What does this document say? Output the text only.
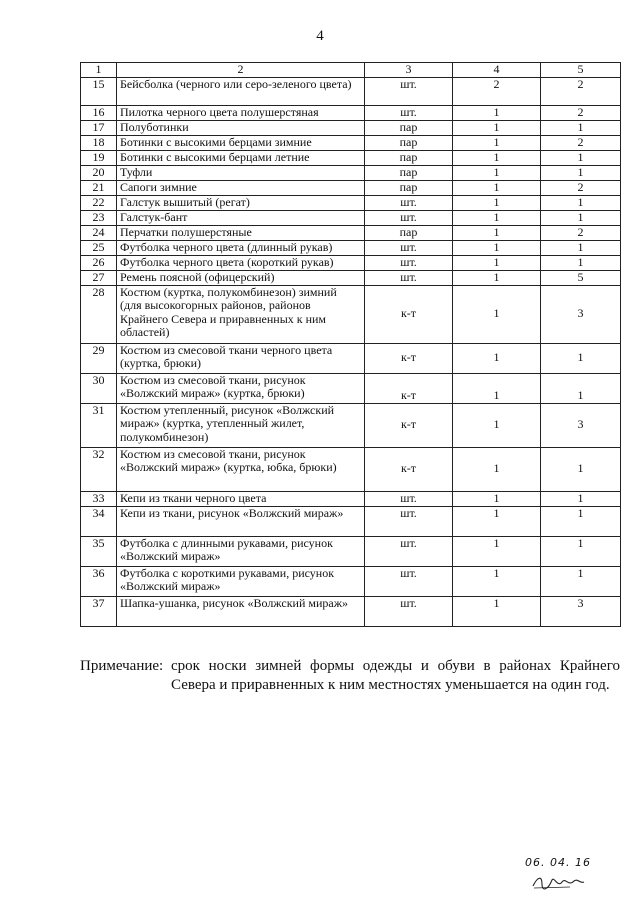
4
1	2	3	4	5
15	Бейсболка (черного или серо-зеленого цвета)	шт.	2	2
16	Пилотка черного цвета полушерстяная	шт.	1	2
17	Полуботинки	пар	1	1
18	Ботинки с высокими берцами зимние	пар	1	2
19	Ботинки с высокими берцами летние	пар	1	1
20	Туфли	пар	1	1
21	Сапоги зимние	пар	1	2
22	Галстук вышитый (регат)	шт.	1	1
23	Галстук-бант	шт.	1	1
24	Перчатки полушерстяные	пар	1	2
25	Футболка черного цвета (длинный рукав)	шт.	1	1
26	Футболка черного цвета (короткий рукав)	шт.	1	1
27	Ремень поясной (офицерский)	шт.	1	5
28	Костюм (куртка, полукомбинезон) зимний (для высокогорных районов, районов Крайнего Севера и приравненных к ним областей)	к-т	1	3
29	Костюм из смесовой ткани черного цвета (куртка, брюки)	к-т	1	1
30	Костюм из смесовой ткани, рисунок «Волжский мираж» (куртка, брюки)	к-т	1	1
31	Костюм утепленный, рисунок «Волжский мираж» (куртка, утепленный жилет, полукомбинезон)	к-т	1	3
32	Костюм из смесовой ткани, рисунок «Волжский мираж» (куртка, юбка, брюки)	к-т	1	1
33	Кепи из ткани черного цвета	шт.	1	1
34	Кепи из ткани, рисунок «Волжский мираж»	шт.	1	1
35	Футболка с длинными рукавами, рисунок «Волжский мираж»	шт.	1	1
36	Футболка с короткими рукавами, рисунок «Волжский мираж»	шт.	1	1
37	Шапка-ушанка, рисунок «Волжский мираж»	шт.	1	3
Примечание: срок носки зимней формы одежды и обуви в районах Крайнего Севера и приравненных к ним местностях уменьшается на один год.
06. 04. 16
